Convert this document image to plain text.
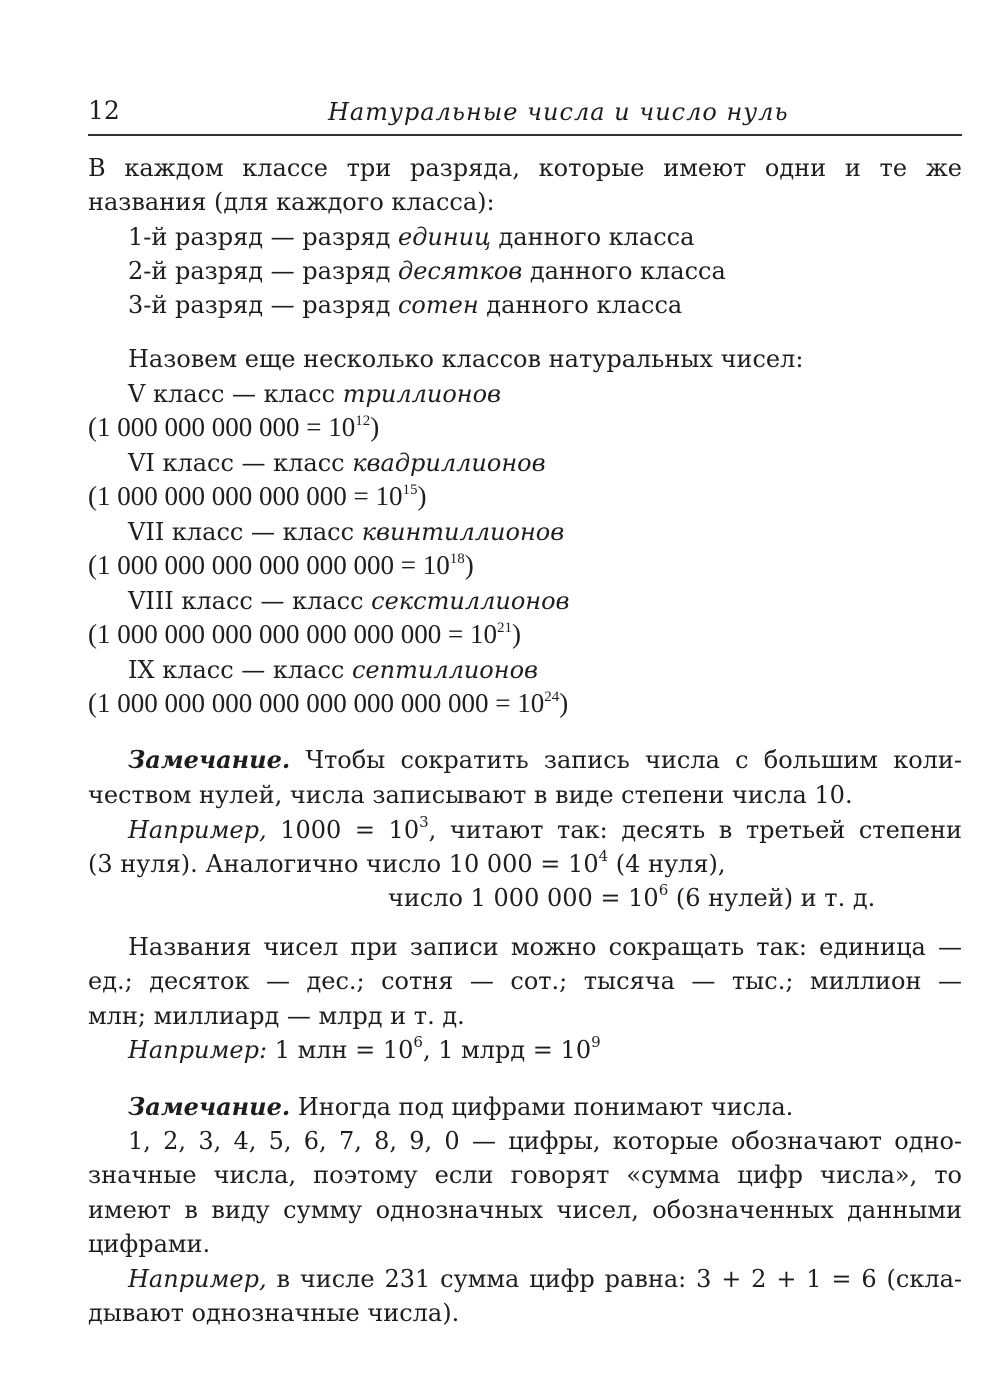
12	Натуральные числа и число нуль
В каждом классе три разряда, которые имеют одни и те же
названия (для каждого класса):
1-й разряд — разряд единиц данного класса
2-й разряд — разряд десятков данного класса
3-й разряд — разряд сотен данного класса
Назовем еще несколько классов натуральных чисел:
V класс — класс триллионов
(1 000 000 000 $000 = 10^{12}$)
VI класс — класс квадриллионов
(1 000 000 000 000 $000 = 10^{15}$)
VII класс — класс квинтиллионов
(1 000 000 000 000 000 $000 = 10^{18}$)
VIII класс — класс секстиллионов
(1 000 000 000 000 000 000 $000 = 10^{21}$)
IX класс — класс септиллионов
(1 000 000 000 000 000 000 000 $000 = 10^{24}$)
Замечание. Чтобы сократить запись числа с большим коли-
чеством нулей, числа записывают в виде степени числа 10.
Например, $1000 = 10^3$, читают так: десять в третьей степени
(3 нуля). Аналогично число 10 $000 = 10^4$ (4 нуля),
число 1 000 $000 = 10^6$ (6 нулей) и т. д.
Названия чисел при записи можно сокращать так: единица —
ед.; десяток — дес.; сотня — сот.; тысяча — тыс.; миллион —
млн; миллиард — млрд и т. д.
Например: 1 млн = $10^6$, 1 млрд = $10^9$
Замечание. Иногда под цифрами понимают числа.
1, 2, 3, 4, 5, 6, 7, 8, 9, 0 — цифры, которые обозначают одно-
значные числа, поэтому если говорят «сумма цифр числа», то
имеют в виду сумму однозначных чисел, обозначенных данными
цифрами.
Например, в числе 231 сумма цифр равна: 3 + 2 + 1 = 6 (скла-
дывают однозначные числа).
